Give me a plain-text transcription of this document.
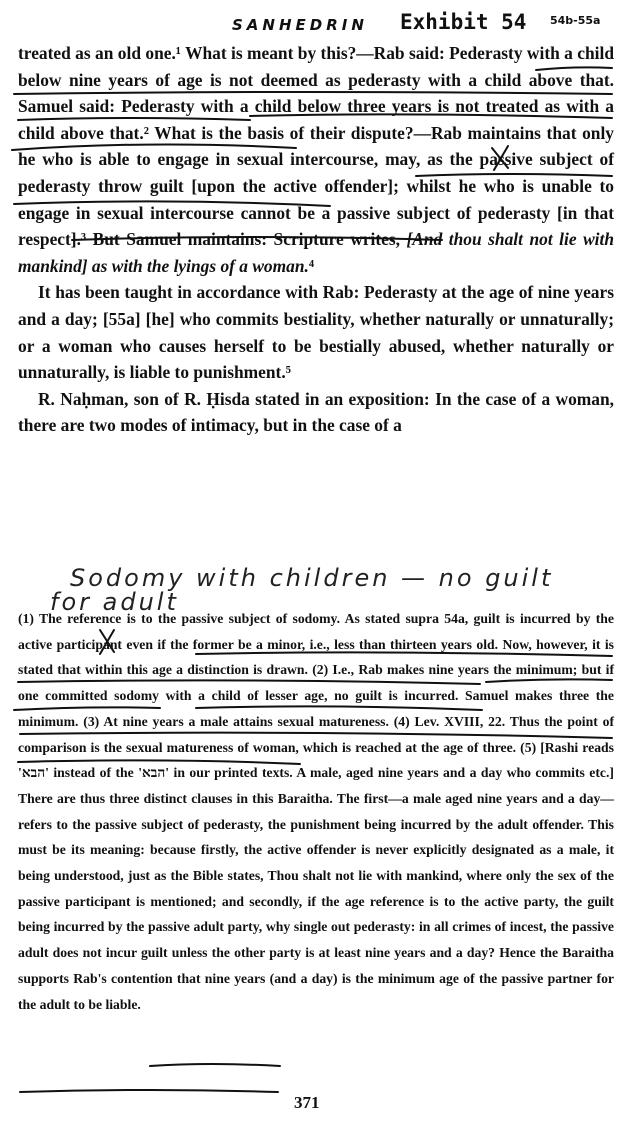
SANHEDRIN Exhibit 54 54b-55a

treated as an old one.¹ What is meant by this?—Rab said: Pederasty with a child below nine years of age is not deemed as pederasty with a child above that. Samuel said: Pederasty with a child below three years is not treated as with a child above that.² What is the basis of their dispute?—Rab maintains that only he who is able to engage in sexual intercourse, may, as the passive subject of pederasty throw guilt [upon the active offender]; whilst he who is unable to engage in sexual intercourse cannot be a passive subject of pederasty [in that respect].³ But Samuel maintains: Scripture writes, [And thou shalt not lie with mankind] as with the lyings of a woman.⁴

It has been taught in accordance with Rab: Pederasty at the age of nine years and a day; [55a] [he] who commits bestiality, whether naturally or unnaturally; or a woman who causes herself to be bestially abused, whether naturally or unnaturally, is liable to punishment.⁵

R. Naḥman, son of R. Ḥisda stated in an exposition: In the case of a woman, there are two modes of intimacy, but in the case of a

Sodomy with children — no guilt
for adult

(1) The reference is to the passive subject of sodomy. As stated supra 54a, guilt is incurred by the active participant even if the former be a minor, i.e., less than thirteen years old. Now, however, it is stated that within this age a distinction is drawn. (2) I.e., Rab makes nine years the minimum; but if one committed sodomy with a child of lesser age, no guilt is incurred. Samuel makes three the minimum. (3) At nine years a male attains sexual matureness. (4) Lev. XVIII, 22. Thus the point of comparison is the sexual matureness of woman, which is reached at the age of three. (5) [Rashi reads 'הבא' instead of the 'הבא' in our printed texts. A male, aged nine years and a day who commits etc.] There are thus three distinct clauses in this Baraitha. The first—a male aged nine years and a day—refers to the passive subject of pederasty, the punishment being incurred by the adult offender. This must be its meaning: because firstly, the active offender is never explicitly designated as a male, it being understood, just as the Bible states, Thou shalt not lie with mankind, where only the sex of the passive participant is mentioned; and secondly, if the age reference is to the active party, the guilt being incurred by the passive adult party, why single out pederasty: in all crimes of incest, the passive adult does not incur guilt unless the other party is at least nine years and a day? Hence the Baraitha supports Rab's contention that nine years (and a day) is the minimum age of the passive partner for the adult to be liable.

371
